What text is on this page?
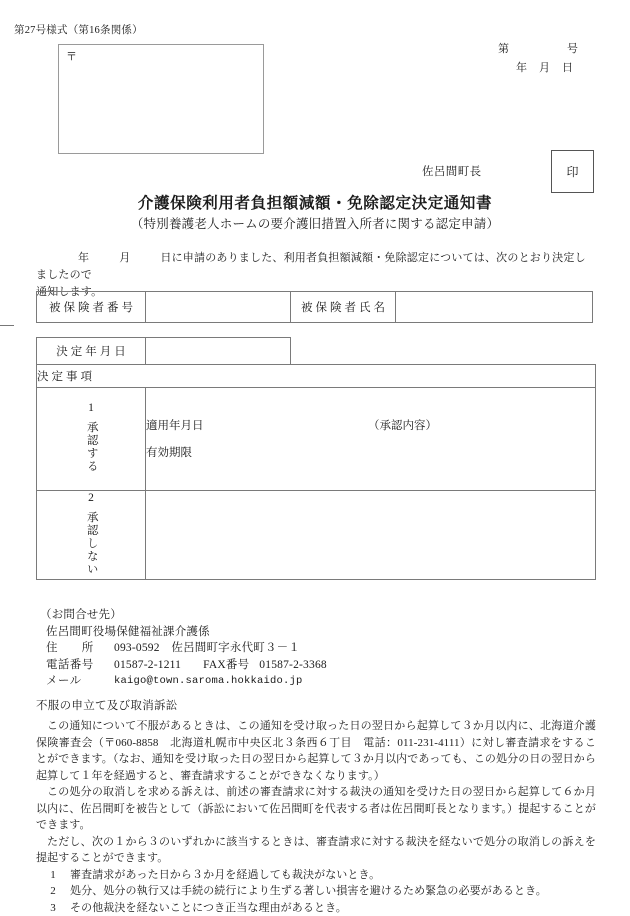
第27号様式（第16条関係）
〒
第　　　　　号
年　月　日
佐呂間町長	印
介護保険利用者負担額減額・免除認定決定通知書
（特別養護老人ホームの要介護旧措置入所者に関する認定申請）
年	月	日に申請のありました、利用者負担額減額・免除認定については、次のとおり決定しましたので
通知します。
被保険者番号		被保険者氏名	
決定年月日		
決定事項		

1
承認する	適用年月日	（承認内容）
有効期限

2
承認しない		
（お問合せ先）
佐呂間町役場保健福祉課介護係
住　　所	093-0592　佐呂間町字永代町３－１
電話番号	01587-2-1211	FAX番号 01587-2-3368
メール	kaigo@town.saroma.hokkaido.jp
不服の申立て及び取消訴訟

この通知について不服があるときは、この通知を受け取った日の翌日から起算して３か月以内に、北海道介護保険審査会（〒060-8858　北海道札幌市中央区北３条西６丁目　電話：011-231-4111）に対し審査請求をすることができます。（なお、通知を受け取った日の翌日から起算して３か月以内であっても、この処分の日の翌日から起算して１年を経過すると、審査請求することができなくなります。）

この処分の取消しを求める訴えは、前述の審査請求に対する裁決の通知を受けた日の翌日から起算して６か月以内に、佐呂間町を被告として（訴訟において佐呂間町を代表する者は佐呂間町長となります。）提起することができます。

ただし、次の１から３のいずれかに該当するときは、審査請求に対する裁決を経ないで処分の取消しの訴えを提起することができます。

1	審査請求があった日から３か月を経過しても裁決がないとき。
2	処分、処分の執行又は手続の続行により生ずる著しい損害を避けるため緊急の必要があるとき。
3	その他裁決を経ないことにつき正当な理由があるとき。
